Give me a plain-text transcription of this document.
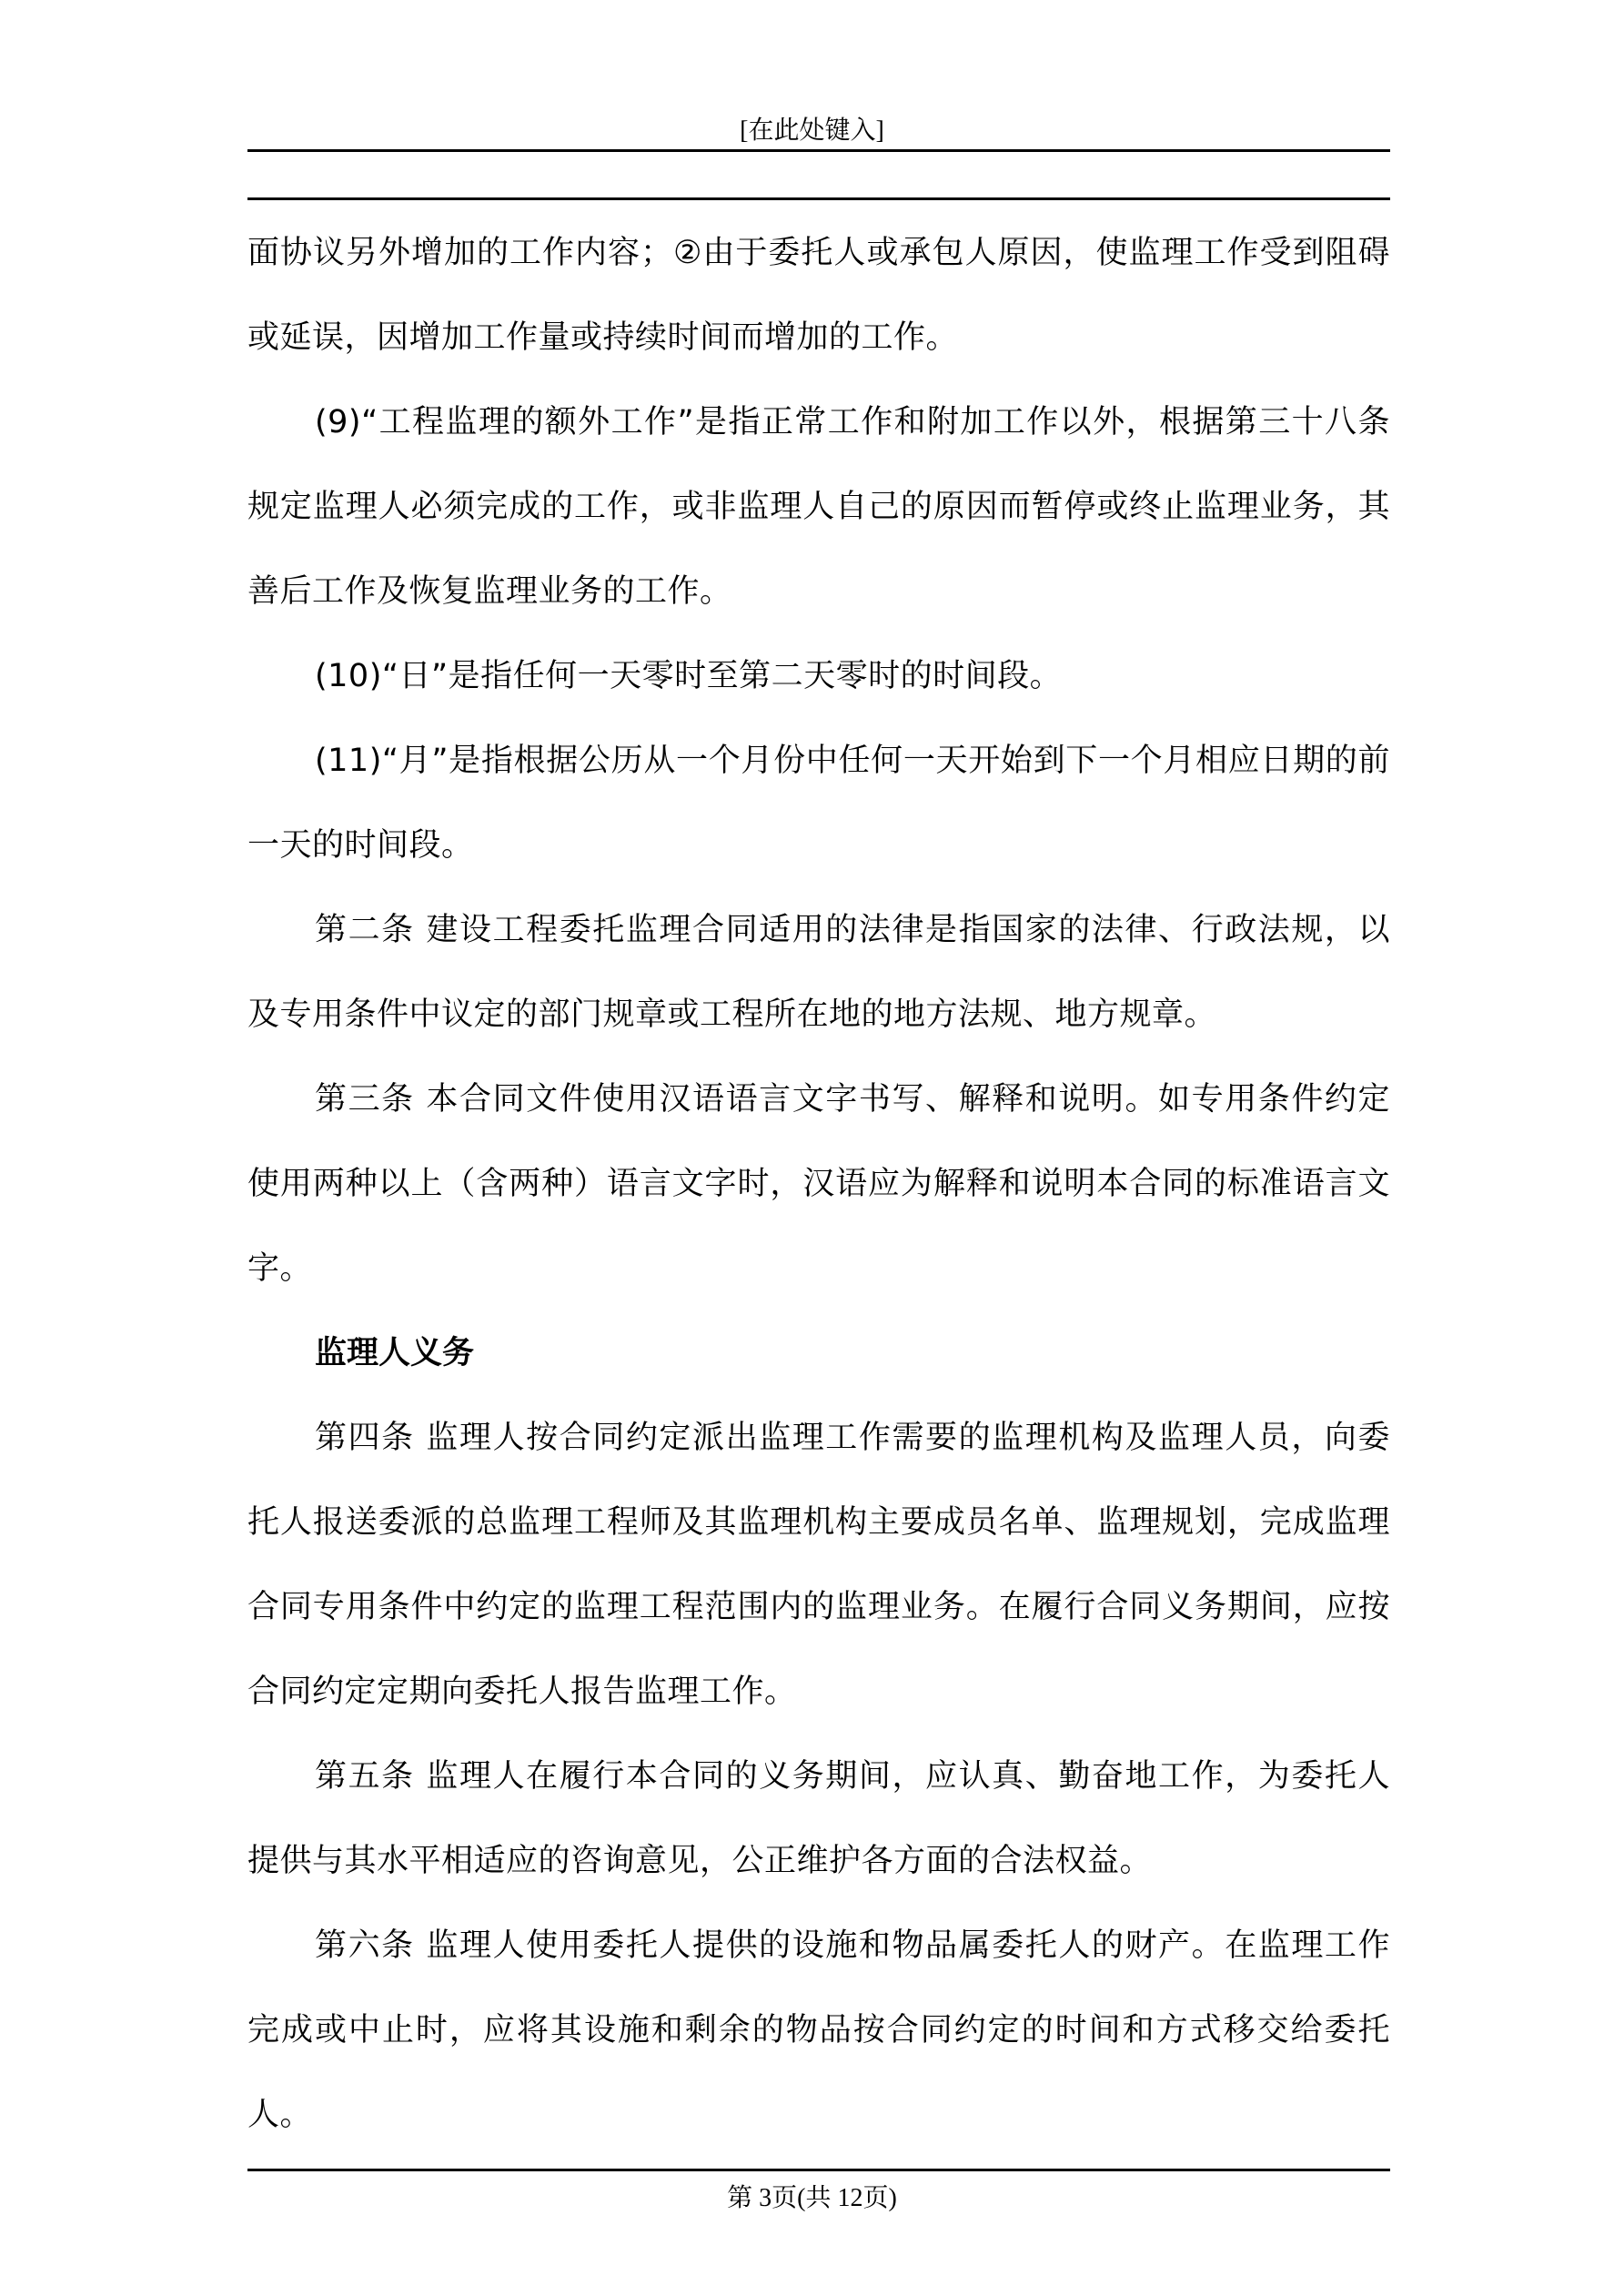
[在此处键入]

面协议另外增加的工作内容；②由于委托人或承包人原因，使监理工作受到阻碍或延误，因增加工作量或持续时间而增加的工作。

(9)“工程监理的额外工作”是指正常工作和附加工作以外，根据第三十八条规定监理人必须完成的工作，或非监理人自己的原因而暂停或终止监理业务，其善后工作及恢复监理业务的工作。

(10)“日”是指任何一天零时至第二天零时的时间段。

(11)“月”是指根据公历从一个月份中任何一天开始到下一个月相应日期的前一天的时间段。

第二条 建设工程委托监理合同适用的法律是指国家的法律、行政法规，以及专用条件中议定的部门规章或工程所在地的地方法规、地方规章。

第三条 本合同文件使用汉语语言文字书写、解释和说明。如专用条件约定使用两种以上（含两种）语言文字时，汉语应为解释和说明本合同的标准语言文字。

监理人义务

第四条 监理人按合同约定派出监理工作需要的监理机构及监理人员，向委托人报送委派的总监理工程师及其监理机构主要成员名单、监理规划，完成监理合同专用条件中约定的监理工程范围内的监理业务。在履行合同义务期间，应按合同约定定期向委托人报告监理工作。

第五条 监理人在履行本合同的义务期间，应认真、勤奋地工作，为委托人提供与其水平相适应的咨询意见，公正维护各方面的合法权益。

第六条 监理人使用委托人提供的设施和物品属委托人的财产。在监理工作完成或中止时，应将其设施和剩余的物品按合同约定的时间和方式移交给委托人。

第 3页(共 12页)
